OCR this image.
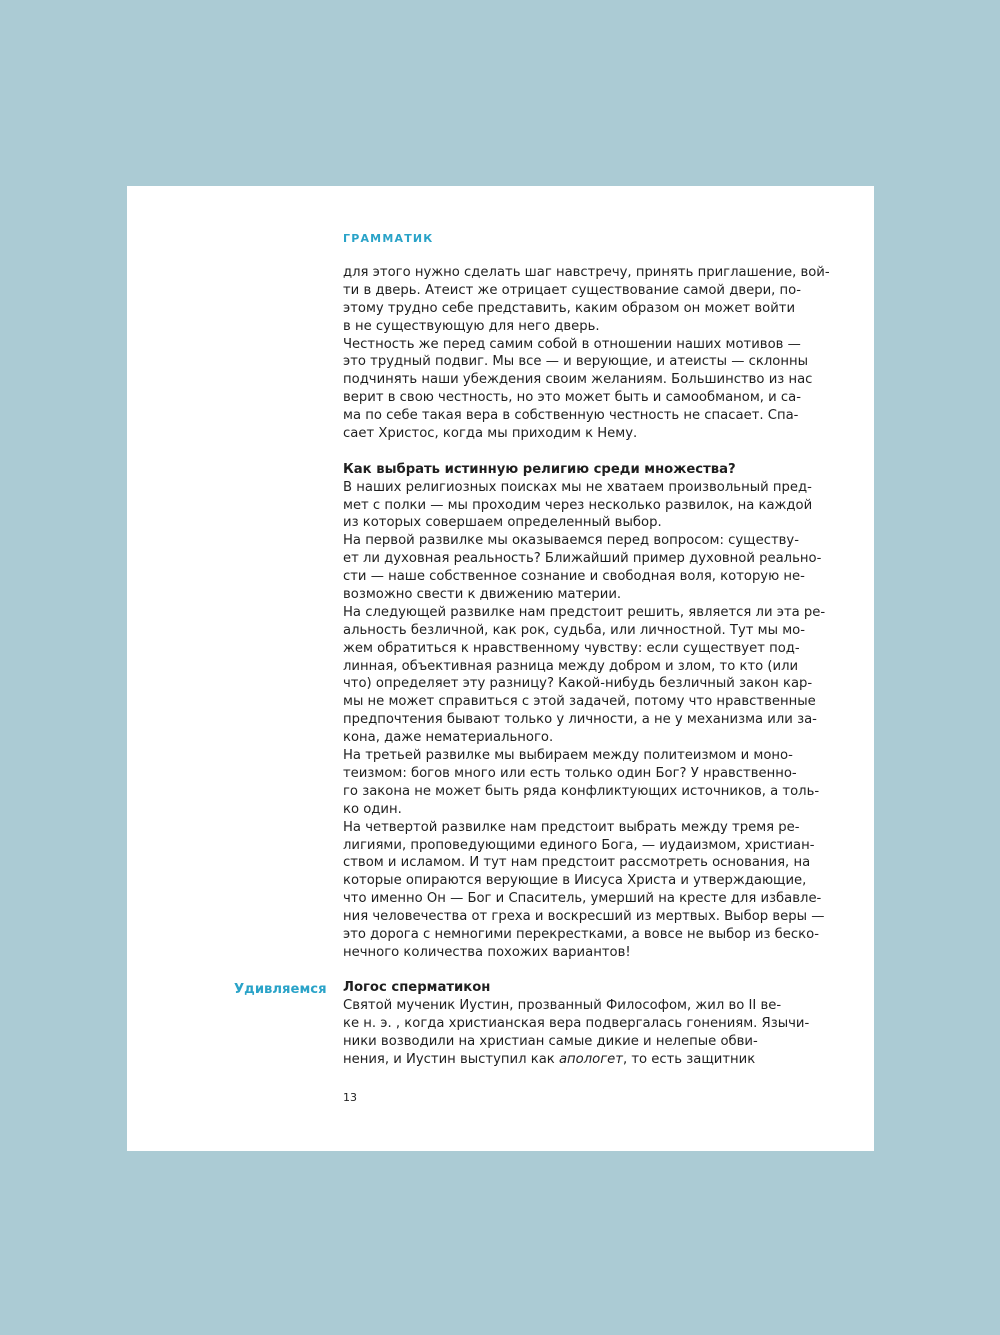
ГРАММАТИК
для этого нужно сделать шаг навстречу, принять приглашение, вой-
ти в дверь. Атеист же отрицает существование самой двери, по-
этому трудно себе представить, каким образом он может войти
в не существующую для него дверь.
Честность же перед самим собой в отношении наших мотивов —
это трудный подвиг. Мы все — и верующие, и атеисты — склонны
подчинять наши убеждения своим желаниям. Большинство из нас
верит в свою честность, но это может быть и самообманом, и са-
ма по себе такая вера в собственную честность не спасает. Спа-
сает Христос, когда мы приходим к Нему.
Как выбрать истинную религию среди множества?
В наших религиозных поисках мы не хватаем произвольный пред-
мет с полки — мы проходим через несколько развилок, на каждой
из которых совершаем определенный выбор.
На первой развилке мы оказываемся перед вопросом: существу-
ет ли духовная реальность? Ближайший пример духовной реально-
сти — наше собственное сознание и свободная воля, которую не-
возможно свести к движению материи.
На следующей развилке нам предстоит решить, является ли эта ре-
альность безличной, как рок, судьба, или личностной. Тут мы мо-
жем обратиться к нравственному чувству: если существует под-
линная, объективная разница между добром и злом, то кто (или
что) определяет эту разницу? Какой-нибудь безличный закон кар-
мы не может справиться с этой задачей, потому что нравственные
предпочтения бывают только у личности, а не у механизма или за-
кона, даже нематериального.
На третьей развилке мы выбираем между политеизмом и моно-
теизмом: богов много или есть только один Бог? У нравственно-
го закона не может быть ряда конфликтующих источников, а толь-
ко один.
На четвертой развилке нам предстоит выбрать между тремя ре-
лигиями, проповедующими единого Бога, — иудаизмом, христиан-
ством и исламом. И тут нам предстоит рассмотреть основания, на
которые опираются верующие в Иисуса Христа и утверждающие,
что именно Он — Бог и Спаситель, умерший на кресте для избавле-
ния человечества от греха и воскресший из мертвых. Выбор веры —
это дорога с немногими перекрестками, а вовсе не выбор из беско-
нечного количества похожих вариантов!
Удивляемся Логос сперматикон
Святой мученик Иустин, прозванный Философом, жил во II ве-
ке н. э. , когда христианская вера подвергалась гонениям. Язычи-
ники возводили на христиан самые дикие и нелепые обви-
нения, и Иустин выступил как апологет, то есть защитник
13
